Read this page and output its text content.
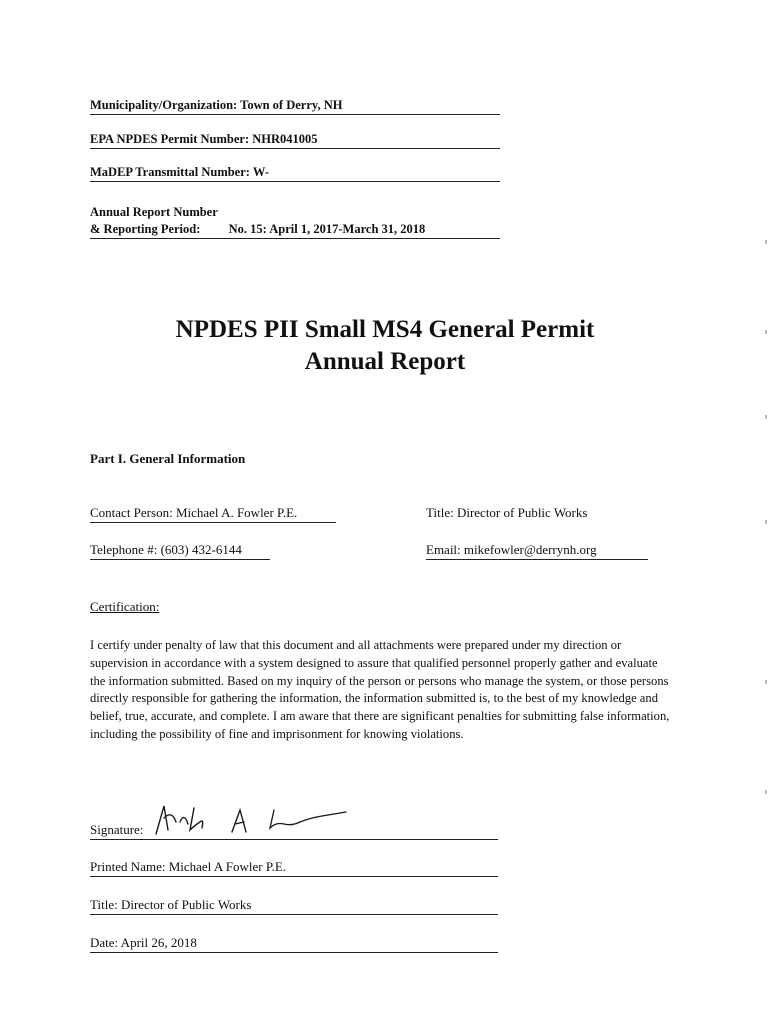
Municipality/Organization: Town of Derry, NH
EPA NPDES Permit Number: NHR041005
MaDEP Transmittal Number: W-
Annual Report Number
& Reporting Period: No. 15: April 1, 2017-March 31, 2018
NPDES PII Small MS4 General Permit
Annual Report
Part I. General Information
Contact Person: Michael A. Fowler P.E.	Title: Director of Public Works
Telephone #: (603) 432-6144	Email: mikefowler@derrynh.org
Certification:
I certify under penalty of law that this document and all attachments were prepared under my direction or supervision in accordance with a system designed to assure that qualified personnel properly gather and evaluate the information submitted. Based on my inquiry of the person or persons who manage the system, or those persons directly responsible for gathering the information, the information submitted is, to the best of my knowledge and belief, true, accurate, and complete. I am aware that there are significant penalties for submitting false information, including the possibility of fine and imprisonment for knowing violations.
Signature:
Printed Name: Michael A Fowler P.E.
Title: Director of Public Works
Date: April 26, 2018
